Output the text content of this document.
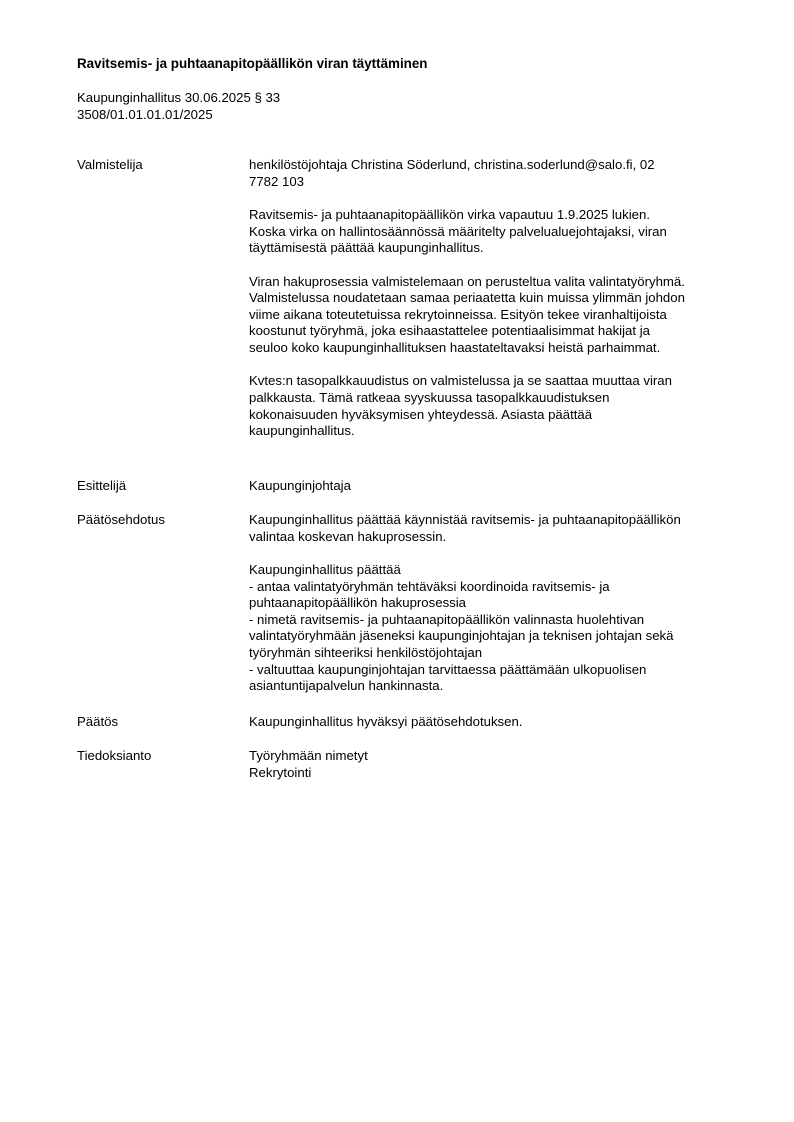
Ravitsemis- ja puhtaanapitopäällikön viran täyttäminen
Kaupunginhallitus 30.06.2025 § 33
3508/01.01.01.01/2025
Valmistelija	henkilöstöjohtaja Christina Söderlund, christina.soderlund@salo.fi, 02
7782 103
Ravitsemis- ja puhtaanapitopäällikön virka vapautuu 1.9.2025 lukien.
Koska virka on hallintosäännössä määritelty palvelualuejohtajaksi, viran
täyttämisestä päättää kaupunginhallitus.
Viran hakuprosessia valmistelemaan on perusteltua valita valintatyöryhmä.
Valmistelussa noudatetaan samaa periaatetta kuin muissa ylimmän johdon
viime aikana toteutetuissa rekrytoinneissa. Esityön tekee viranhaltijoista
koostunut työryhmä, joka esihaastattelee potentiaalisimmat hakijat ja
seuloo koko kaupunginhallituksen haastateltavaksi heistä parhaimmat.
Kvtes:n tasopalkkauudistus on valmistelussa ja se saattaa muuttaa viran
palkkausta. Tämä ratkeaa syyskuussa tasopalkkauudistuksen
kokonaisuuden hyväksymisen yhteydessä. Asiasta päättää
kaupunginhallitus.
Esittelijä	Kaupunginjohtaja
Päätösehdotus	Kaupunginhallitus päättää käynnistää ravitsemis- ja puhtaanapitopäällikön
valintaa koskevan hakuprosessin.
Kaupunginhallitus päättää
- antaa valintatyöryhmän tehtäväksi koordinoida ravitsemis- ja
puhtaanapitopäällikön hakuprosessia
- nimetä ravitsemis- ja puhtaanapitopäällikön valinnasta huolehtivan
valintatyöryhmään jäseneksi kaupunginjohtajan ja teknisen johtajan sekä
työryhmän sihteeriksi henkilöstöjohtajan
- valtuuttaa kaupunginjohtajan tarvittaessa päättämään ulkopuolisen
asiantuntijapalvelun hankinnasta.
Päätös	Kaupunginhallitus hyväksyi päätösehdotuksen.
Tiedoksianto	Työryhmään nimetyt
Rekrytointi
